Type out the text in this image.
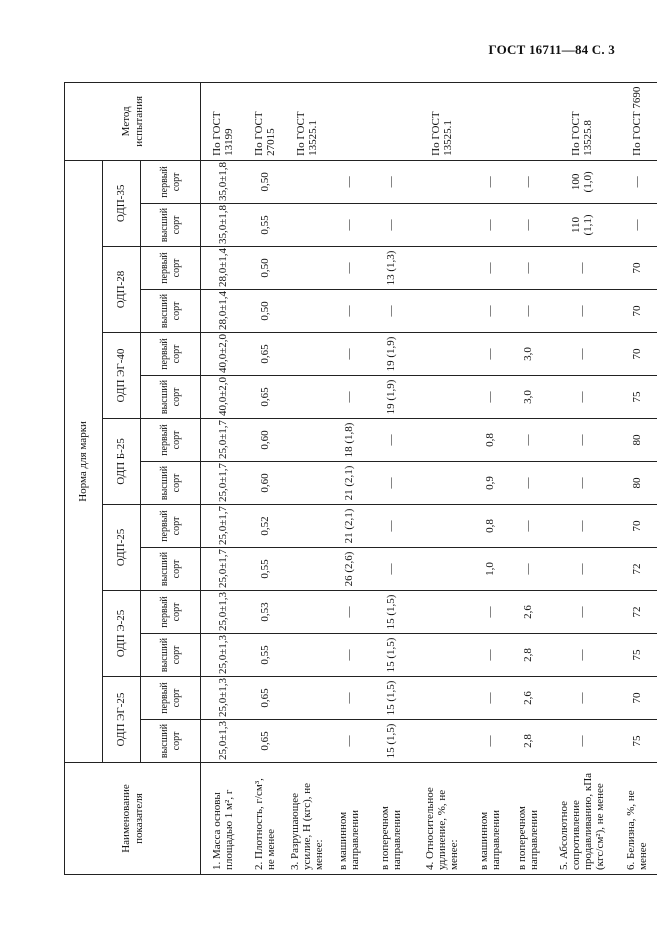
ГОСТ 16711—84 С. 3
Наименование показателя	Норма для марки														Метод испытания
	ОДП ЭГ-25		ОДП Э-25		ОДП-25		ОДП Б-25		ОДП ЭГ-40		ОДП-28		ОДП-35		
	высший сорт	первый сорт	высший сорт	первый сорт	высший сорт	первый сорт	высший сорт	первый сорт	высший сорт	первый сорт	высший сорт	первый сорт	высший сорт	первый сорт	
1. Масса основы площадью 1 м², г	25,0±1,3	25,0±1,3	25,0±1,3	25,0±1,3	25,0±1,7	25,0±1,7	25,0±1,7	25,0±1,7	40,0±2,0	40,0±2,0	28,0±1,4	28,0±1,4	35,0±1,8	35,0±1,8	По ГОСТ 13199
2. Плотность, г/см³, не менее	0,65	0,65	0,55	0,53	0,55	0,52	0,60	0,60	0,65	0,65	0,50	0,50	0,55	0,50	По ГОСТ 27015
3. Разрушающее усилие, Н (кгс), не менее:															По ГОСТ 13525.1
в машинном направлении	—	—	—	—	26 (2,6)	21 (2,1)	21 (2,1)	18 (1,8)	—	—	—	—	—	—	
в поперечном направлении	15 (1,5)	15 (1,5)	15 (1,5)	15 (1,5)	—	—	—	—	19 (1,9)	19 (1,9)	—	13 (1,3)	—	—	
4. Относительное удлинение, %, не менее:															По ГОСТ 13525.1
в машинном направлении	—	—	—	—	1,0	0,8	0,9	0,8	—	—	—	—	—	—	
в поперечном направлении	2,8	2,6	2,8	2,6	—	—	—	—	3,0	3,0	—	—	—	—	
5. Абсолютное сопротивление продавливанию, кПа (кгс/см²), не менее	—	—	—	—	—	—	—	—	—	—	—	—	110 (1,1)	100 (1,0)	По ГОСТ 13525.8
6. Белизна, %, не менее	75	70	75	72	72	70	80	80	75	70	70	70	—	—	По ГОСТ 7690
